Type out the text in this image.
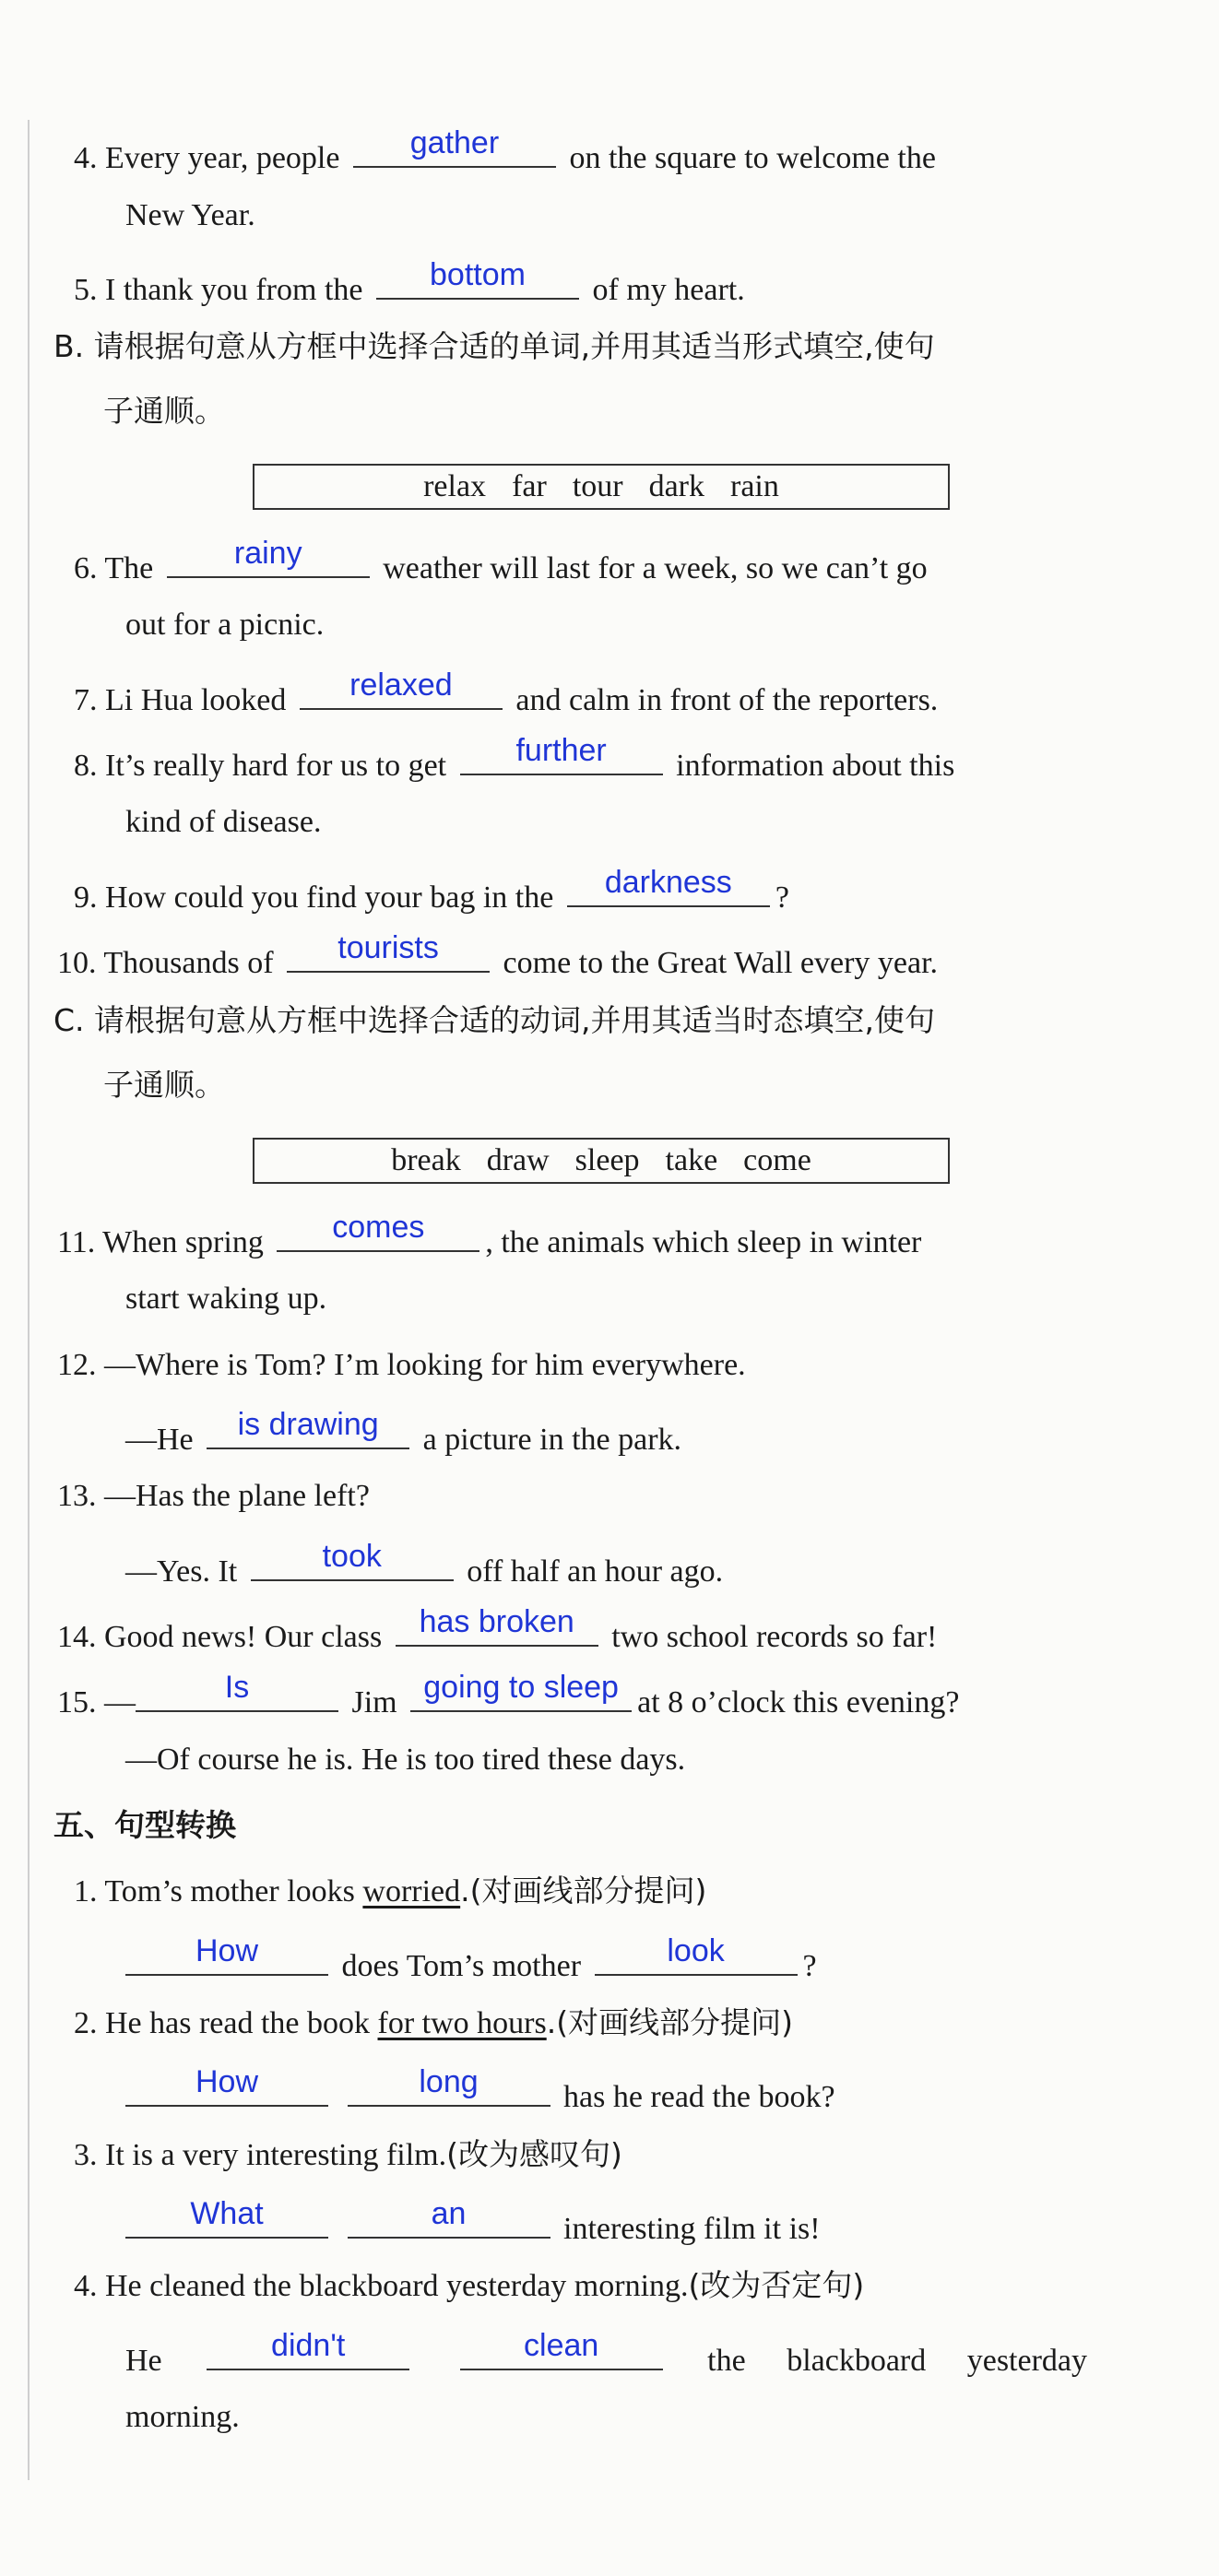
4. Every year, people	gather	on the square to welcome the
New Year.
5. I thank you from the	bottom	of my heart.
B. 请根据句意从方框中选择合适的单词,并用其适当形式填空,使句
子通顺。
relax far tour dark rain
6. The	rainy	weather will last for a week, so we can’t go
out for a picnic.
7. Li Hua looked	relaxed	and calm in front of the reporters.
8. It’s really hard for us to get	further	information about this
kind of disease.
9. How could you find your bag in the	darkness	?
10. Thousands of	tourists	come to the Great Wall every year.
C. 请根据句意从方框中选择合适的动词,并用其适当时态填空,使句
子通顺。
break draw sleep take come
11. When spring	comes	, the animals which sleep in winter
start waking up.
12. —Where is Tom? I’m looking for him everywhere.
—He	is drawing	a picture in the park.
13. —Has the plane left?
—Yes. It	took	off half an hour ago.
14. Good news! Our class	has broken	two school records so far!
15. —	Is	Jim going to sleep at 8 o’clock this evening?
—Of course he is. He is too tired these days.
五、句型转换
1. Tom’s mother looks worried.(对画线部分提问)
How	does Tom’s mother	look	?
2. He has read the book for two hours.(对画线部分提问)
How
	long	has he read the book?
3. It is a very interesting film.(改为感叹句)
What
	an	interesting film it is!
4. He cleaned the blackboard yesterday morning.(改为否定句)
He	didn't
	clean	the blackboard yesterday
morning.
